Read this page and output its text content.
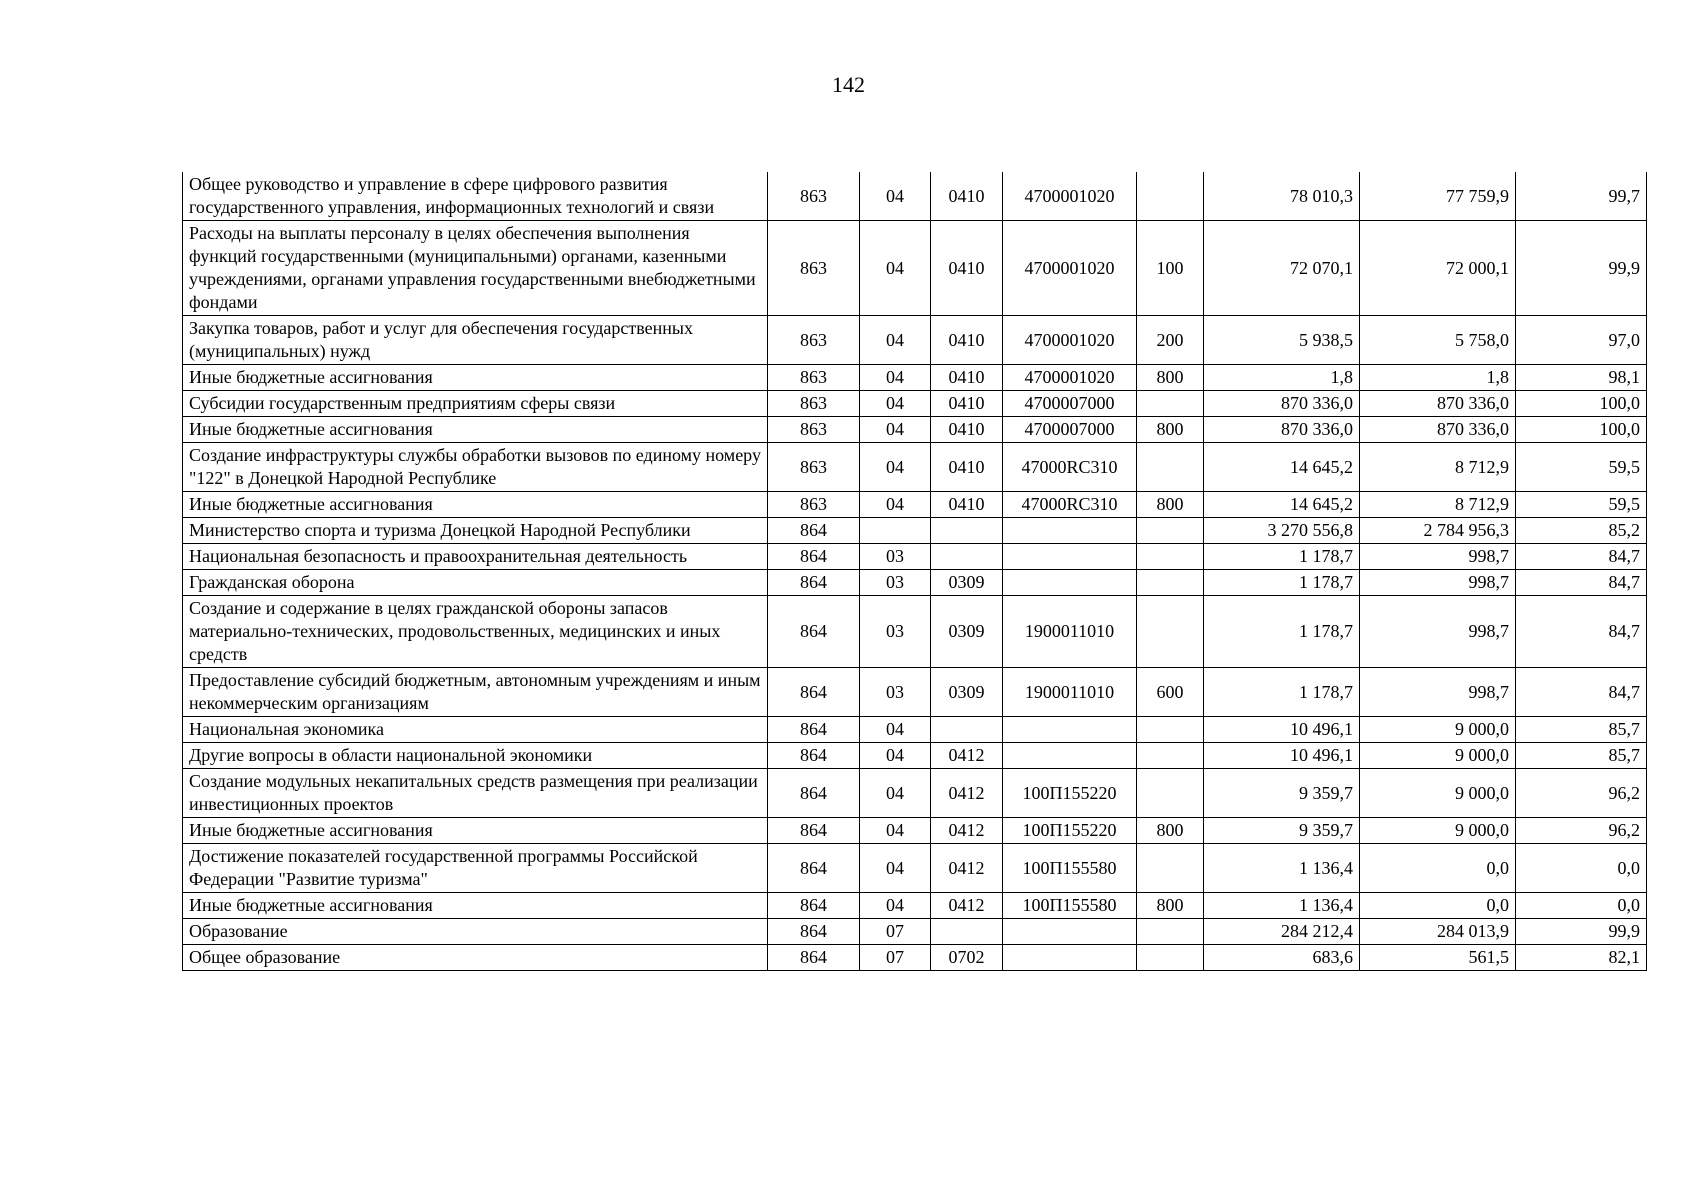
142
Общее руководство и управление в сфере цифрового развития государственного управления, информационных технологий и связи	863	04	0410	4700001020		78 010,3	77 759,9	99,7
Расходы на выплаты персоналу в целях обеспечения выполнения функций государственными (муниципальными) органами, казенными учреждениями, органами управления государственными внебюджетными фондами	863	04	0410	4700001020	100	72 070,1	72 000,1	99,9
Закупка товаров, работ и услуг для обеспечения государственных (муниципальных) нужд	863	04	0410	4700001020	200	5 938,5	5 758,0	97,0
Иные бюджетные ассигнования	863	04	0410	4700001020	800	1,8	1,8	98,1
Субсидии государственным предприятиям сферы связи	863	04	0410	4700007000		870 336,0	870 336,0	100,0
Иные бюджетные ассигнования	863	04	0410	4700007000	800	870 336,0	870 336,0	100,0
Создание инфраструктуры службы обработки вызовов по единому номеру "122" в Донецкой Народной Республике	863	04	0410	47000RC310		14 645,2	8 712,9	59,5
Иные бюджетные ассигнования	863	04	0410	47000RC310	800	14 645,2	8 712,9	59,5
Министерство спорта и туризма Донецкой Народной Республики	864					3 270 556,8	2 784 956,3	85,2
Национальная безопасность и правоохранительная деятельность	864	03				1 178,7	998,7	84,7
Гражданская оборона	864	03	0309			1 178,7	998,7	84,7
Создание и содержание в целях гражданской обороны запасов материально-технических, продовольственных, медицинских и иных средств	864	03	0309	1900011010		1 178,7	998,7	84,7
Предоставление субсидий бюджетным, автономным учреждениям и иным некоммерческим организациям	864	03	0309	1900011010	600	1 178,7	998,7	84,7
Национальная экономика	864	04				10 496,1	9 000,0	85,7
Другие вопросы в области национальной экономики	864	04	0412			10 496,1	9 000,0	85,7
Создание модульных некапитальных средств размещения при реализации инвестиционных проектов	864	04	0412	100П155220		9 359,7	9 000,0	96,2
Иные бюджетные ассигнования	864	04	0412	100П155220	800	9 359,7	9 000,0	96,2
Достижение показателей государственной программы Российской Федерации "Развитие туризма"	864	04	0412	100П155580		1 136,4	0,0	0,0
Иные бюджетные ассигнования	864	04	0412	100П155580	800	1 136,4	0,0	0,0
Образование	864	07				284 212,4	284 013,9	99,9
Общее образование	864	07	0702			683,6	561,5	82,1
